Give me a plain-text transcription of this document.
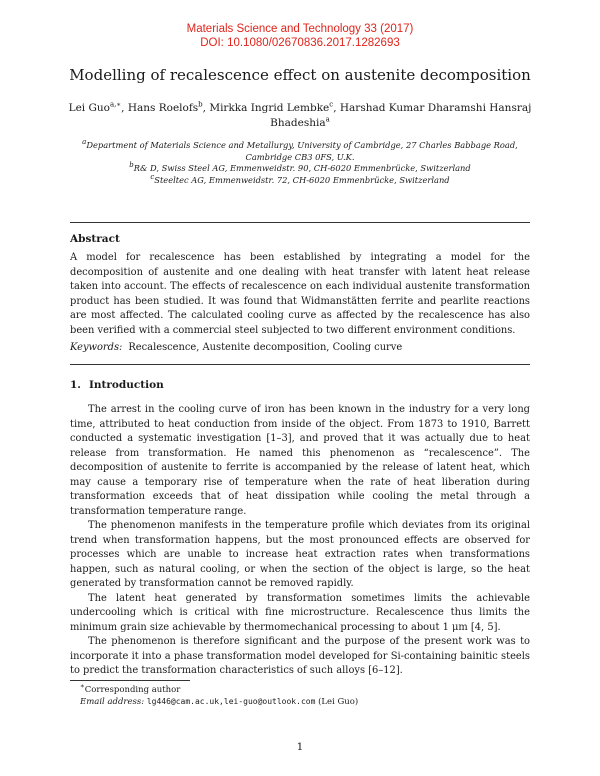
Materials Science and Technology 33 (2017)
DOI: 10.1080/02670836.2017.1282693
Modelling of recalescence effect on austenite decomposition
Lei Guo$^{a,∗}$, Hans Roelofs$^b$, Mirkka Ingrid Lembke$^c$, Harshad Kumar Dharamshi Hansraj Bhadeshia$^a$
$^a$Department of Materials Science and Metallurgy, University of Cambridge, 27 Charles Babbage Road, Cambridge CB3 0FS, U.K.
$^b$R& D, Swiss Steel AG, Emmenweidstr. 90, CH-6020 Emmenbrücke, Switzerland
$^c$Steeltec AG, Emmenweidstr. 72, CH-6020 Emmenbrücke, Switzerland
Abstract
A model for recalescence has been established by integrating a model for the decomposition of austenite and one dealing with heat transfer with latent heat release taken into account. The effects of recalescence on each individual austenite transformation product has been studied. It was found that Widmanstätten ferrite and pearlite reactions are most affected. The calculated cooling curve as affected by the recalescence has also been verified with a commercial steel subjected to two different environment conditions.
Keywords: Recalescence, Austenite decomposition, Cooling curve
1. Introduction

The arrest in the cooling curve of iron has been known in the industry for a very long time, attributed to heat conduction from inside of the object. From 1873 to 1910, Barrett conducted a systematic investigation [1–3], and proved that it was actually due to heat release from transformation. He named this phenomenon as “recalescence”. The decomposition of austenite to ferrite is accompanied by the release of latent heat, which may cause a temporary rise of temperature when the rate of heat liberation during transformation exceeds that of heat dissipation while cooling the metal through a transformation temperature range.

The phenomenon manifests in the temperature profile which deviates from its original trend when transformation happens, but the most pronounced effects are observed for processes which are unable to increase heat extraction rates when transformations happen, such as natural cooling, or when the section of the object is large, so the heat generated by transformation cannot be removed rapidly.

The latent heat generated by transformation sometimes limits the achievable undercooling which is critical with fine microstructure. Recalescence thus limits the minimum grain size achievable by thermomechanical processing to about 1 μm [4, 5].

The phenomenon is therefore significant and the purpose of the present work was to incorporate it into a phase transformation model developed for Si-containing bainitic steels to predict the transformation characteristics of such alloys [6–12].

∗Corresponding author
Email address: lg446@cam.ac.uk,lei-guo@outlook.com (Lei Guo)
1
